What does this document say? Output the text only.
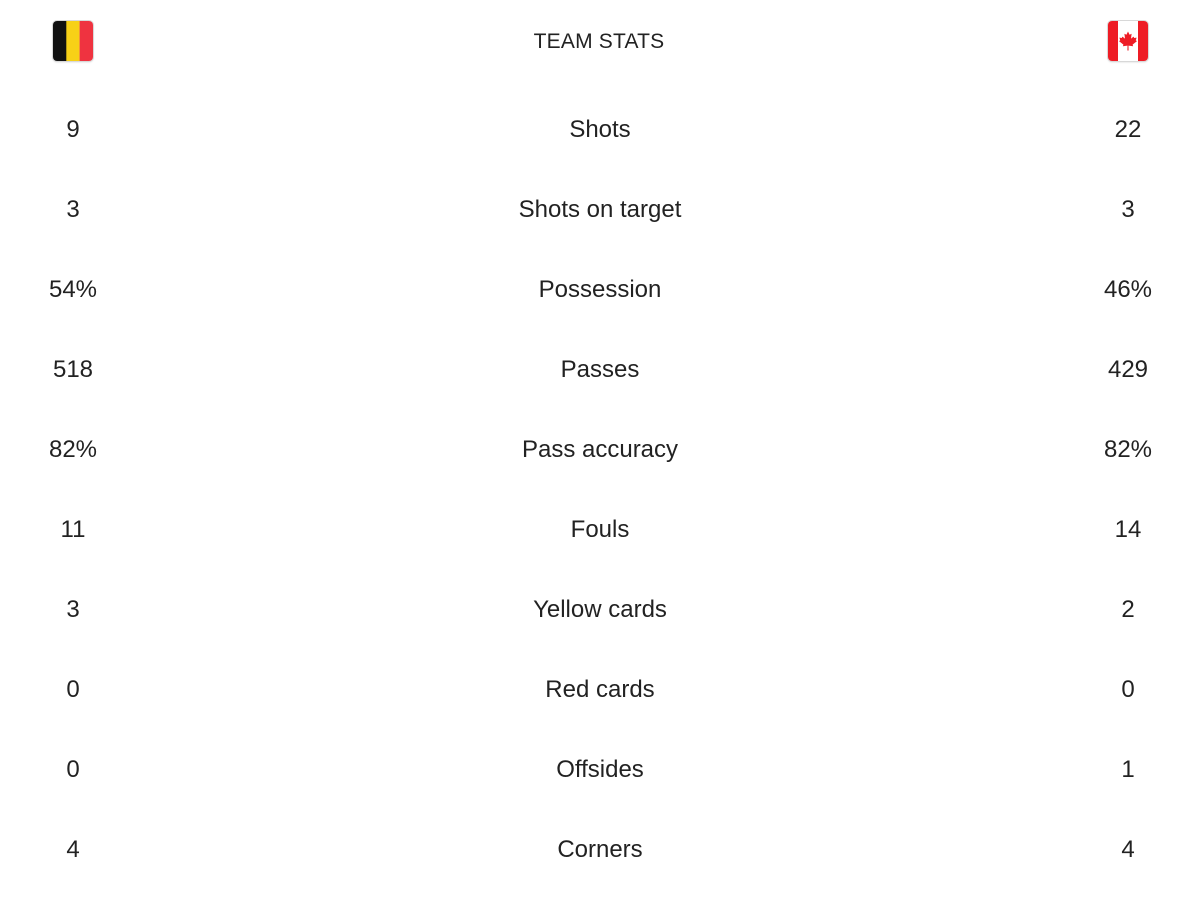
TEAM STATS
9	Shots	22
3	Shots on target	3
54%	Possession	46%
518	Passes	429
82%	Pass accuracy	82%
11	Fouls	14
3	Yellow cards	2
0	Red cards	0
0	Offsides	1
4	Corners	4
